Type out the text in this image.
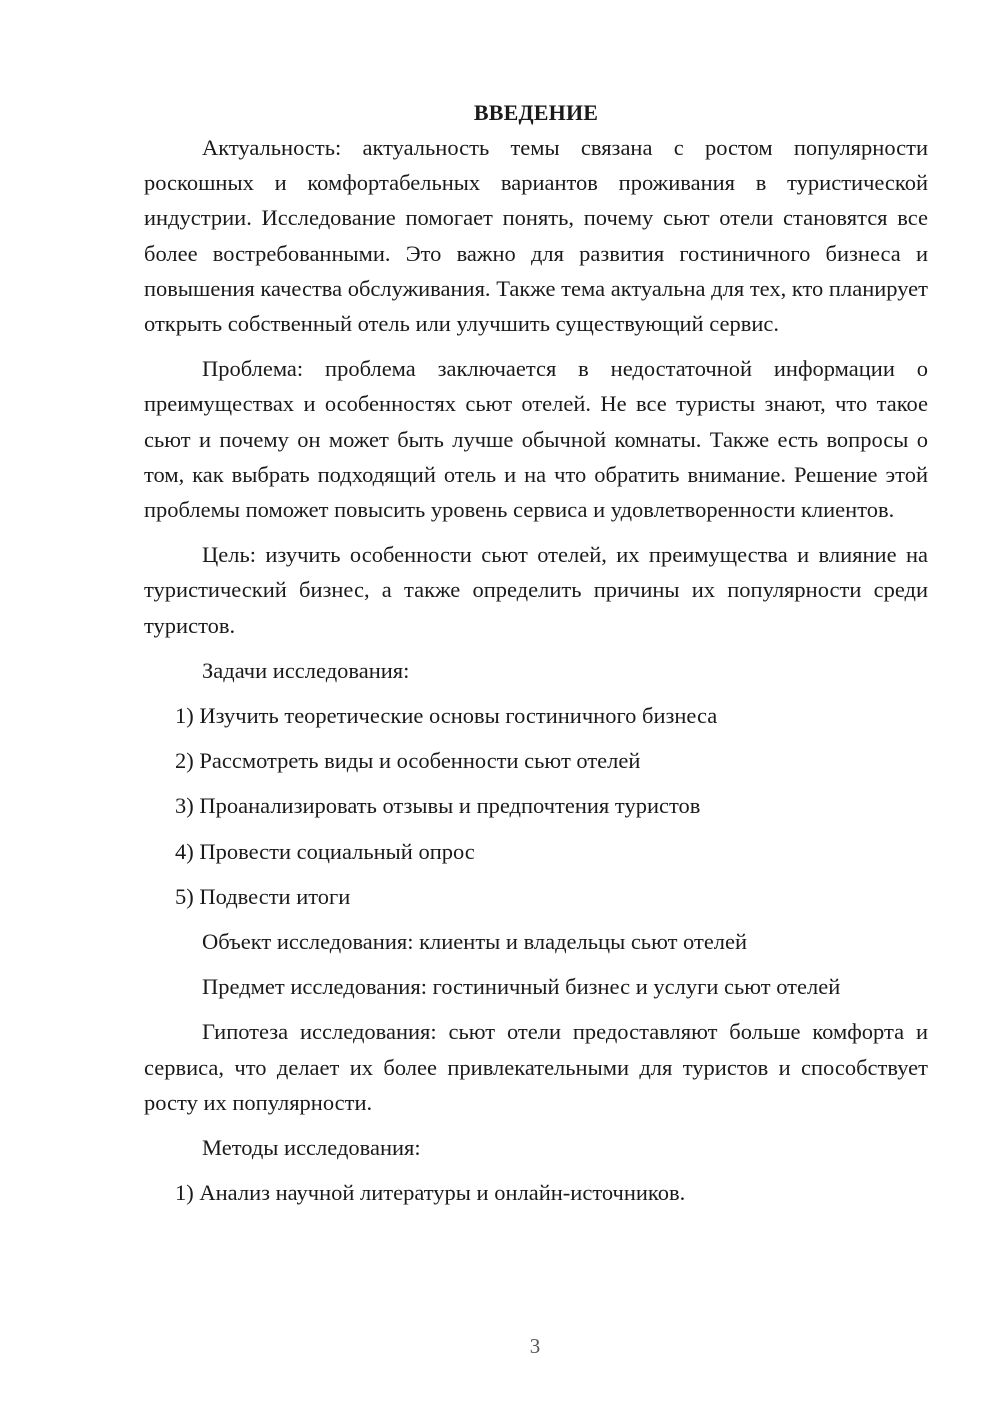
ВВЕДЕНИЕ

Актуальность: актуальность темы связана с ростом популярности роскошных и комфортабельных вариантов проживания в туристической индустрии. Исследование помогает понять, почему сьют отели становятся все более востребованными. Это важно для развития гостиничного бизнеса и повышения качества обслуживания. Также тема актуальна для тех, кто планирует открыть собственный отель или улучшить существующий сервис.

Проблема: проблема заключается в недостаточной информации о преимуществах и особенностях сьют отелей. Не все туристы знают, что такое сьют и почему он может быть лучше обычной комнаты. Также есть вопросы о том, как выбрать подходящий отель и на что обратить внимание. Решение этой проблемы поможет повысить уровень сервиса и удовлетворенности клиентов.

Цель: изучить особенности сьют отелей, их преимущества и влияние на туристический бизнес, а также определить причины их популярности среди туристов.

Задачи исследования:
1) Изучить теоретические основы гостиничного бизнеса
2) Рассмотреть виды и особенности сьют отелей
3) Проанализировать отзывы и предпочтения туристов
4) Провести социальный опрос
5) Подвести итоги
Объект исследования: клиенты и владельцы сьют отелей
Предмет исследования: гостиничный бизнес и услуги сьют отелей

Гипотеза исследования: сьют отели предоставляют больше комфорта и сервиса, что делает их более привлекательными для туристов и способствует росту их популярности.

Методы исследования:
1) Анализ научной литературы и онлайн-источников.
3
